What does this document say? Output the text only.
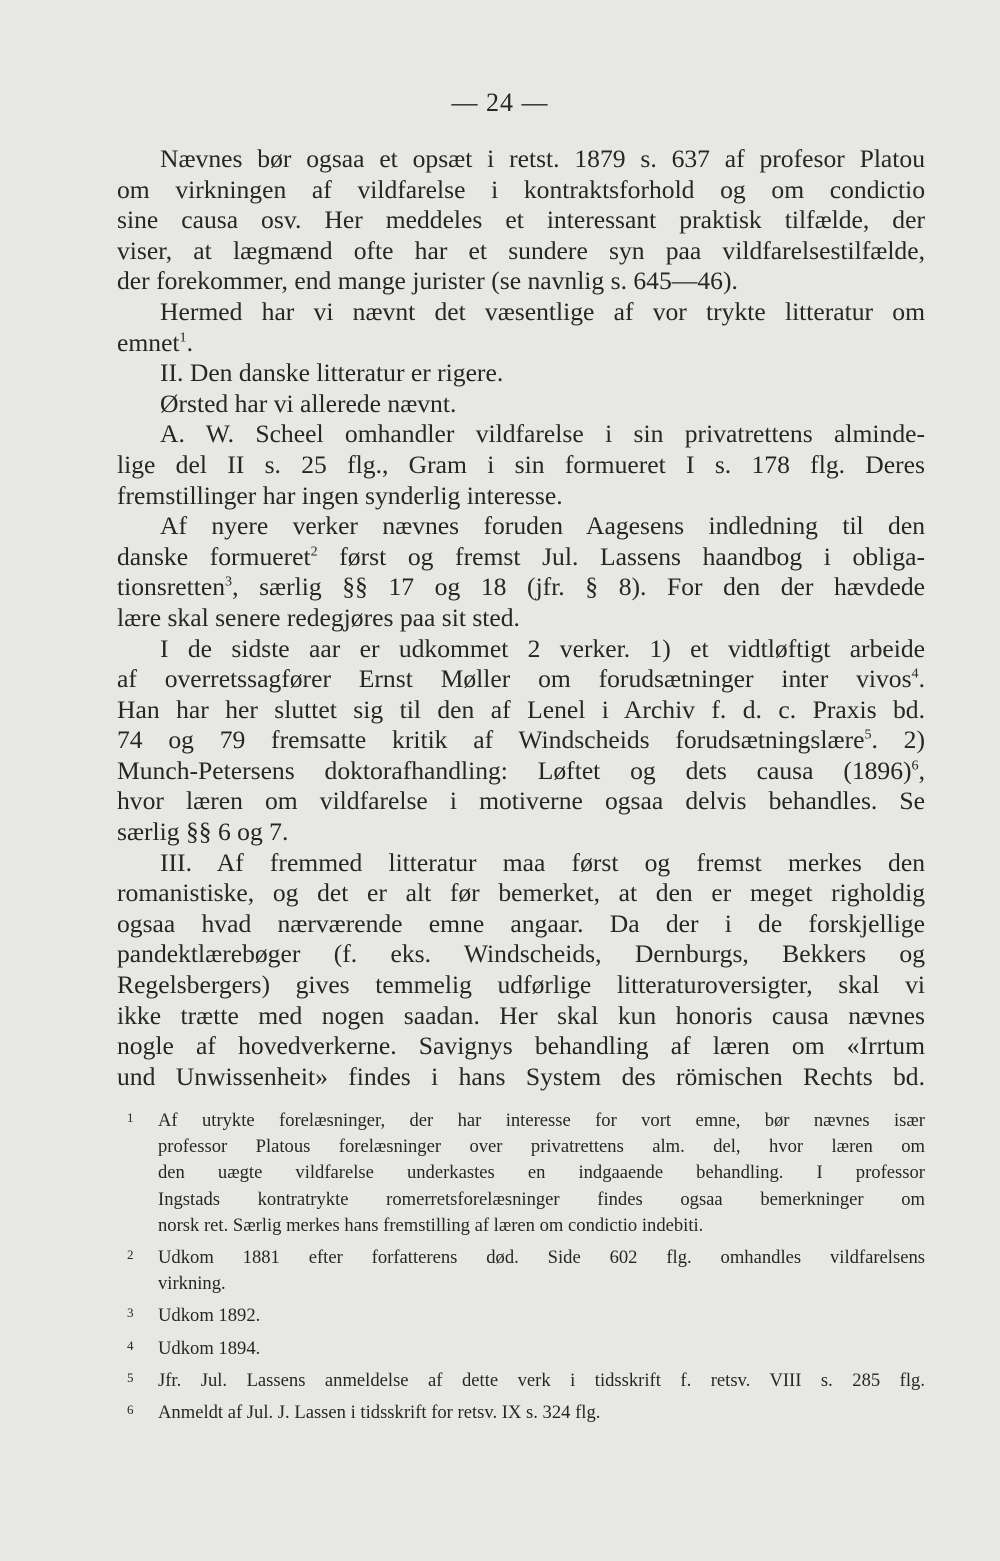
— 24 —
Nævnes bør ogsaa et opsæt i retst. 1879 s. 637 af profesor Platou
om virkningen af vildfarelse i kontraktsforhold og om condictio
sine causa osv. Her meddeles et interessant praktisk tilfælde, der
viser, at lægmænd ofte har et sundere syn paa vildfarelsestilfælde,
der forekommer, end mange jurister (se navnlig s. 645—46).
Hermed har vi nævnt det væsentlige af vor trykte litteratur om
emnet$^1$.
II. Den danske litteratur er rigere.
Ørsted har vi allerede nævnt.
A. W. Scheel omhandler vildfarelse i sin privatrettens alminde-
lige del II s. 25 flg., Gram i sin formueret I s. 178 flg. Deres
fremstillinger har ingen synderlig interesse.
Af nyere verker nævnes foruden Aagesens indledning til den
danske formueret$^2$ først og fremst Jul. Lassens haandbog i obliga-
tionsretten$^3$, særlig §§ 17 og 18 (jfr. § 8). For den der hævdede
lære skal senere redegjøres paa sit sted.
I de sidste aar er udkommet 2 verker. 1) et vidtløftigt arbeide
af overretssagfører Ernst Møller om forudsætninger inter vivos$^4$.
Han har her sluttet sig til den af Lenel i Archiv f. d. c. Praxis bd.
74 og 79 fremsatte kritik af Windscheids forudsætningslære$^5$. 2)
Munch-Petersens doktorafhandling: Løftet og dets causa $(1896)^6$,
hvor læren om vildfarelse i motiverne ogsaa delvis behandles. Se
særlig §§ 6 og 7.
III. Af fremmed litteratur maa først og fremst merkes den
romanistiske, og det er alt før bemerket, at den er meget righoldig
ogsaa hvad nærværende emne angaar. Da der i de forskjellige
pandektlærebøger (f. eks. Windscheids, Dernburgs, Bekkers og
Regelsbergers) gives temmelig udførlige litteraturoversigter, skal vi
ikke trætte med nogen saadan. Her skal kun honoris causa nævnes
nogle af hovedverkerne. Savignys behandling af læren om «Irrtum
und Unwissenheit» findes i hans System des römischen Rechts bd.
1 Af utrykte forelæsninger, der har interesse for vort emne, bør nævnes især
professor Platous forelæsninger over privatrettens alm. del, hvor læren om
den uægte vildfarelse underkastes en indgaaende behandling. I professor
Ingstads kontratrykte romerretsforelæsninger findes ogsaa bemerkninger om
norsk ret. Særlig merkes hans fremstilling af læren om condictio indebiti.
2 Udkom 1881 efter forfatterens død. Side 602 flg. omhandles vildfarelsens
virkning.
3 Udkom 1892.
4 Udkom 1894.
5 Jfr. Jul. Lassens anmeldelse af dette verk i tidsskrift f. retsv. VIII s. 285 flg.
6 Anmeldt af Jul. J. Lassen i tidsskrift for retsv. IX s. 324 flg.
